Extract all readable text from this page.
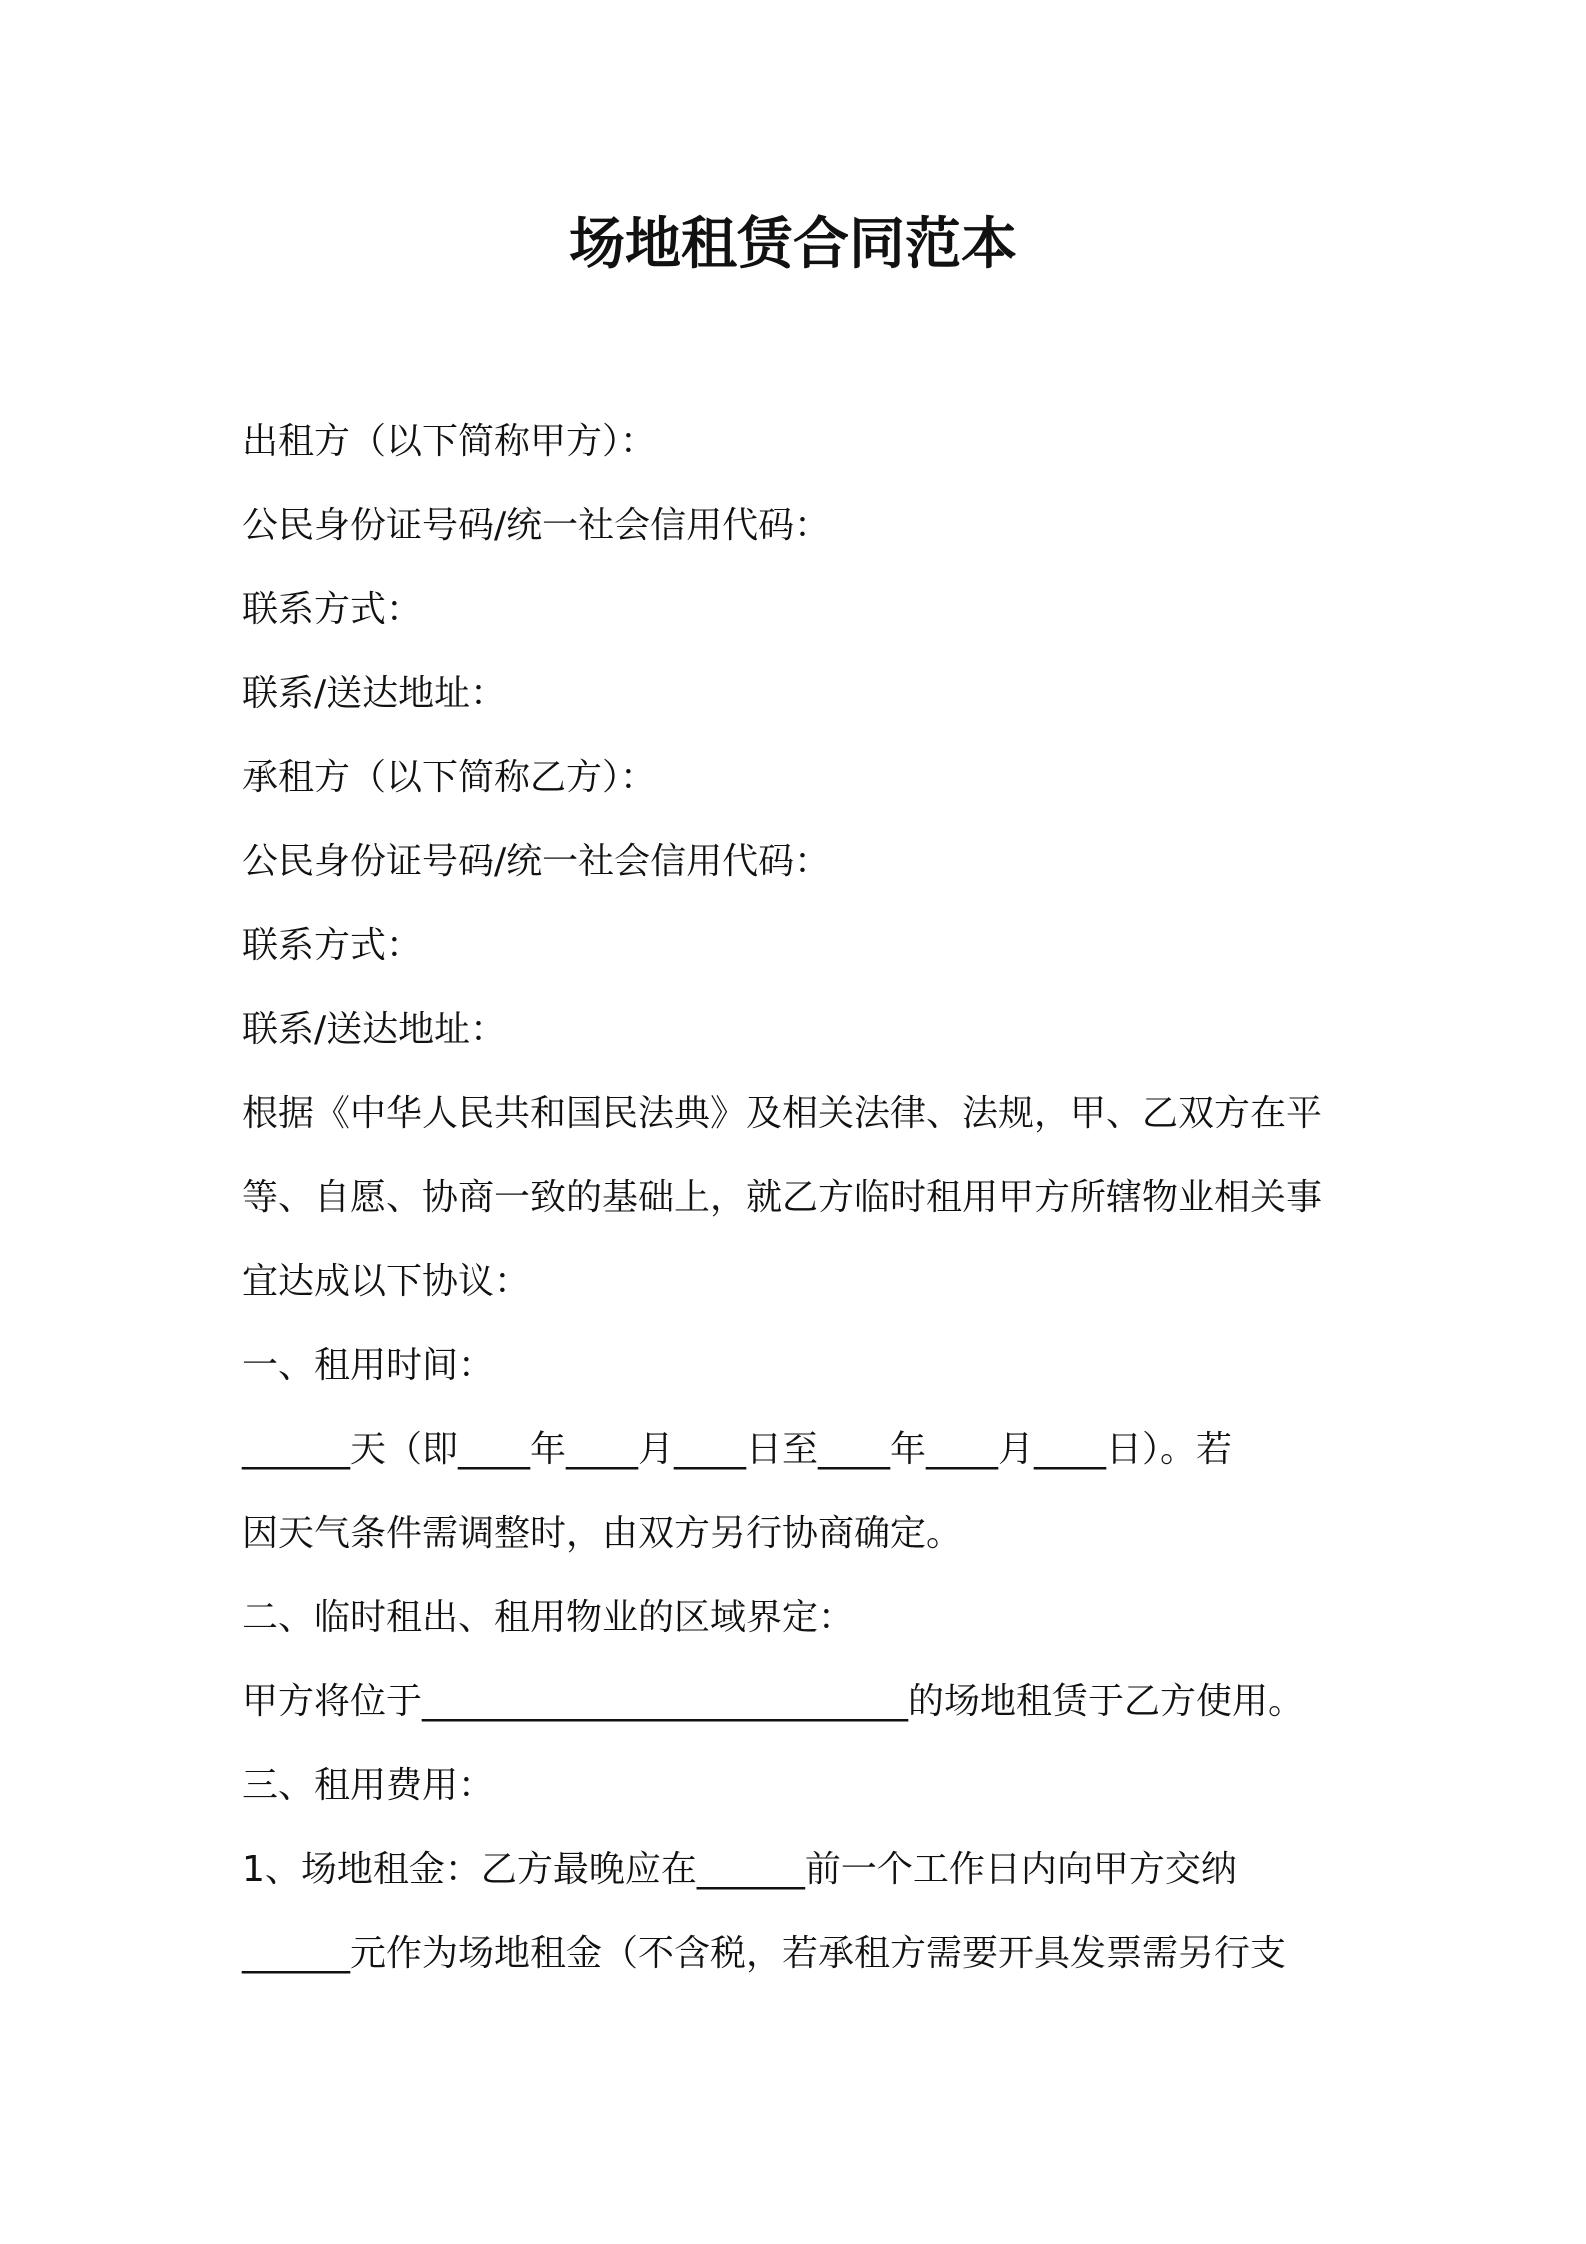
场地租赁合同范本
出租方（以下简称甲方）：
公民身份证号码/统一社会信用代码：
联系方式：
联系/送达地址：
承租方（以下简称乙方）：
公民身份证号码/统一社会信用代码：
联系方式：
联系/送达地址：
根据《中华人民共和国民法典》及相关法律、法规，甲、乙双方在平
等、自愿、协商一致的基础上，就乙方临时租用甲方所辖物业相关事
宜达成以下协议：
一、租用时间：
______天（即____年____月____日至____年____月____日）。若
因天气条件需调整时，由双方另行协商确定。
二、临时租出、租用物业的区域界定：
甲方将位于___________________________的场地租赁于乙方使用。
三、租用费用：
1、场地租金：乙方最晚应在______前一个工作日内向甲方交纳
______元作为场地租金（不含税，若承租方需要开具发票需另行支
